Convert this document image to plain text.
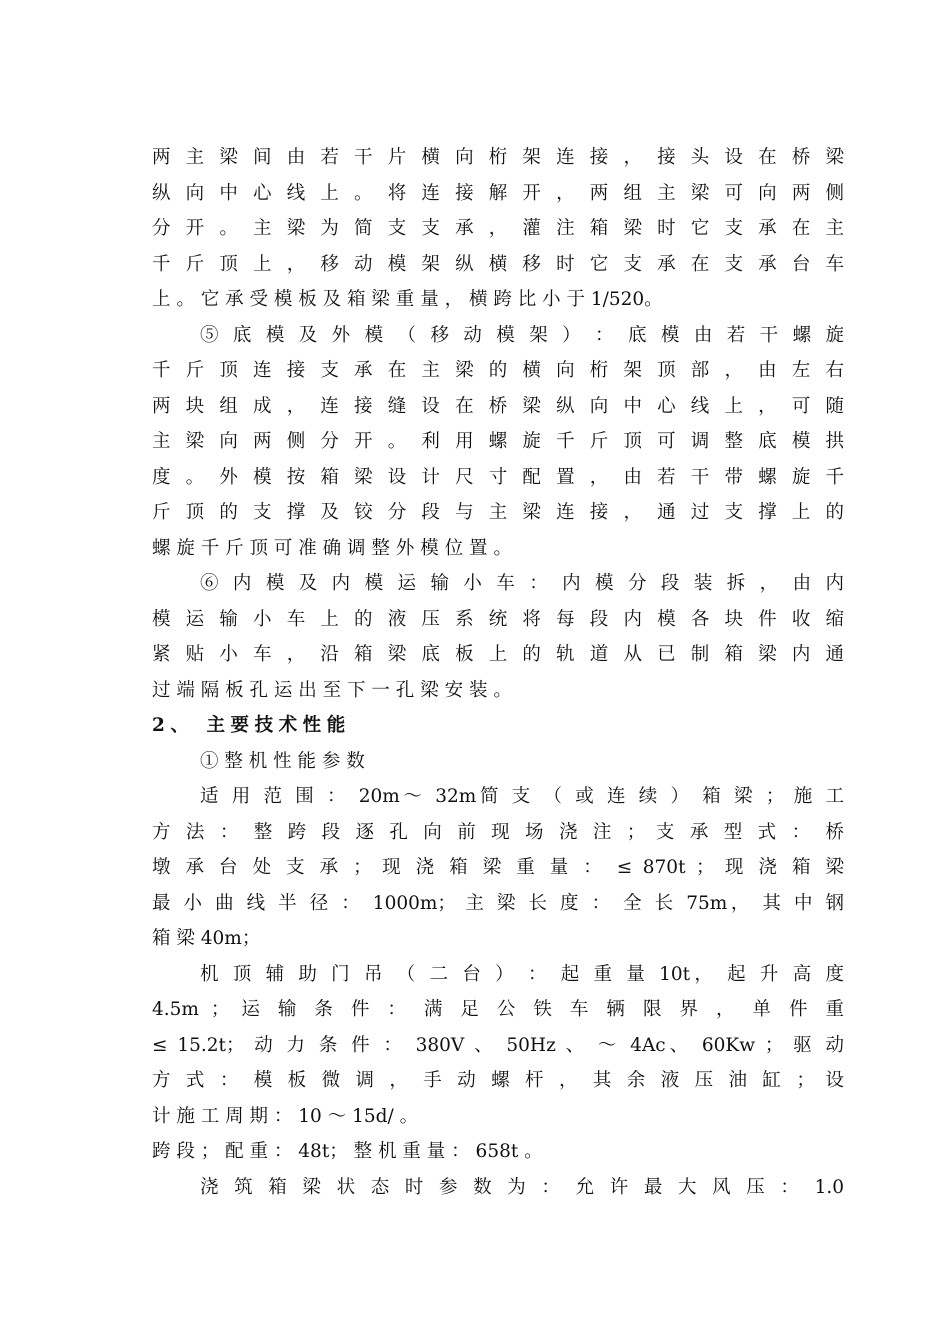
两 主 梁 间 由 若 干 片 横 向 桁 架 连 接 ， 接 头 设 在 桥 梁
纵 向 中 心 线 上 。 将 连 接 解 开 ， 两 组 主 梁 可 向 两 侧
分 开 。 主 梁 为 简 支 支 承 ， 灌 注 箱 梁 时 它 支 承 在 主
千 斤 顶 上 ， 移 动 模 架 纵 横 移 时 它 支 承 在 支 承 台 车
上 。 它 承 受 模 板 及 箱 梁 重 量 ， 横 跨 比 小 于 1/520。
⑤ 底 模 及 外 模 （ 移 动 模 架 ） ： 底 模 由 若 干 螺 旋
千 斤 顶 连 接 支 承 在 主 梁 的 横 向 桁 架 顶 部 ， 由 左 右
两 块 组 成 ， 连 接 缝 设 在 桥 梁 纵 向 中 心 线 上 ， 可 随
主 梁 向 两 侧 分 开 。 利 用 螺 旋 千 斤 顶 可 调 整 底 模 拱
度 。 外 模 按 箱 梁 设 计 尺 寸 配 置 ， 由 若 干 带 螺 旋 千
斤 顶 的 支 撑 及 铰 分 段 与 主 梁 连 接 ， 通 过 支 撑 上 的
螺 旋 千 斤 顶 可 准 确 调 整 外 模 位 置 。
⑥ 内 模 及 内 模 运 输 小 车 ： 内 模 分 段 装 拆 ， 由 内
模 运 输 小 车 上 的 液 压 系 统 将 每 段 内 模 各 块 件 收 缩
紧 贴 小 车 ， 沿 箱 梁 底 板 上 的 轨 道 从 已 制 箱 梁 内 通
过 端 隔 板 孔 运 出 至 下 一 孔 梁 安 装 。
2、 主要技术性能
① 整 机 性 能 参 数
适 用 范 围 ： 20m～ 32m简 支 （ 或 连 续 ） 箱 梁 ； 施 工
方 法 ： 整 跨 段 逐 孔 向 前 现 场 浇 注 ； 支 承 型 式 ： 桥
墩 承 台 处 支 承 ； 现 浇 箱 梁 重 量 ： ≤ 870t ； 现 浇 箱 梁
最 小 曲 线 半 径 ： 1000m； 主 梁 长 度 ： 全 长 75m， 其 中 钢
箱 梁 40m；
机 顶 辅 助 门 吊 （ 二 台 ） ： 起 重 量 10t， 起 升 高 度
4.5m ； 运 输 条 件 ： 满 足 公 铁 车 辆 限 界 ， 单 件 重
≤ 15.2t； 动 力 条 件 ： 380V 、 50Hz 、 ～ 4Ac、 60Kw ； 驱 动
方 式 ： 模 板 微 调 ， 手 动 螺 杆 ， 其 余 液 压 油 缸 ； 设
计 施 工 周 期 ： 10 ～ 15d/ 。
跨 段 ； 配 重 ： 48t； 整 机 重 量 ： 658t 。
浇 筑 箱 梁 状 态 时 参 数 为 ： 允 许 最 大 风 压 ： 1.0
